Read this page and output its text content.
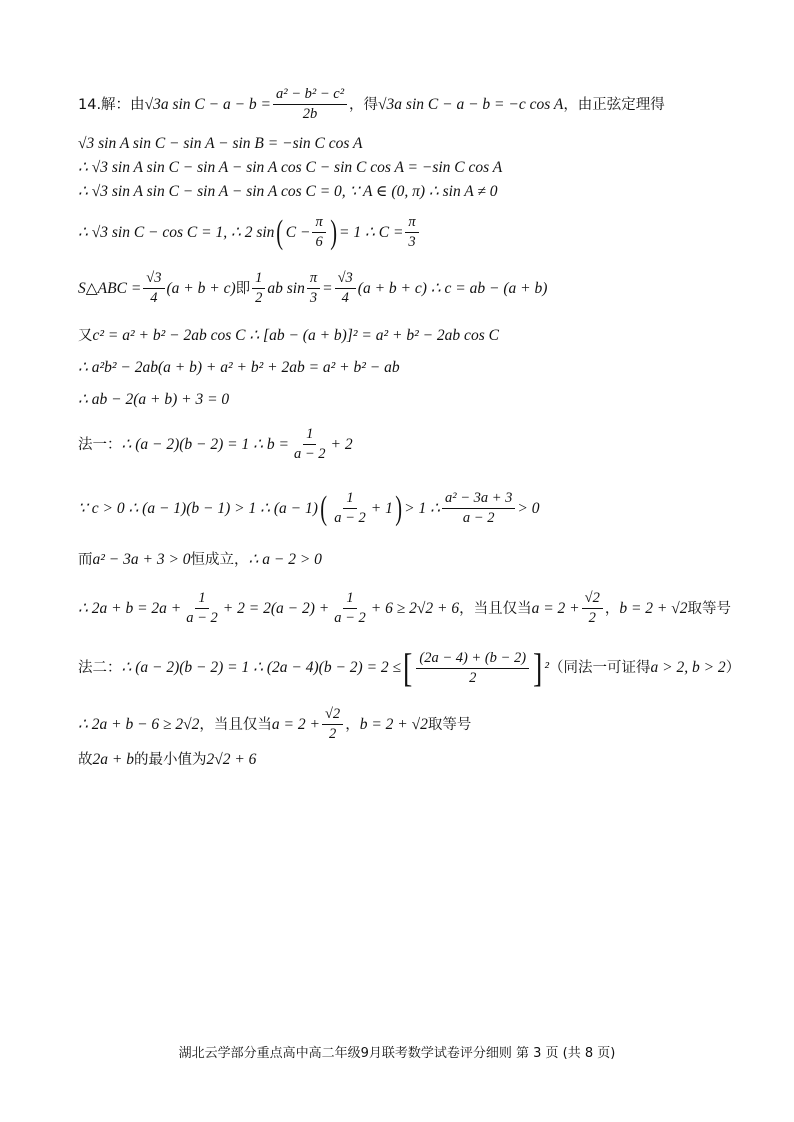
14.解：由 √3a $\sin C - a - b = \frac{\text{a² − b² − c²}}{2b}$ ，得 √3a sin C − a − b = −c cos A ，由正弦定理得
√3 sin A sin C − sin A − sin B = −sin C cos A
∴ √3 sin A sin C − sin A − sin A cos C − sin C cos A = −sin C cos A
∴ √3 sin A sin C − sin A − sin A cos C = 0, ∵ A ∈ (0, π) ∴ sin A ≠ 0
∴ √3 sin C − cos C = 1, ∴ 2 sin ( $C - \frac{\pi}{6}$ ) = 1 ∴ $C = \frac{\pi}{3}$
S△ABC = $\frac{√3}{4} (a + b + c)$ 即 $\frac{1}{2}$ ab $\sin \frac{\pi}{3} = \frac{√3}{4} (a + b + c)$ ∴ c = ab − (a + b)
又 c² = a² + b² − 2ab cos C ∴ [ab − (a + b)]² = a² + b² − 2ab cos C
∴ a²b² − 2ab(a + b) + a² + b² + 2ab = a² + b² − ab
∴ ab − 2(a + b) + 3 = 0
法一： ∴ (a − 2)(b − 2) = 1 ∴ $b = \frac{1}{a - 2} + 2$
∵ c > 0 ∴ (a − 1)(b − 1) > 1 ∴ (a − 1) ( $\frac{1}{a - 2} + 1$ ) > 1 ∴ $\frac{\text{a² − 3a + 3}}{a - 2} > 0$
而 a² − 3a + 3 > 0 恒成立， ∴ a − 2 > 0
∴ $2a + b = 2a + \frac{1}{a - 2} + 2 = 2(a - 2) + \frac{1}{a - 2} + 6 \ge 2√2 + 6$ ，当且仅当 $a = 2 + \frac{√2}{2}$ ， b = 2 + √2 取等号
法二： ∴ (a − 2)(b − 2) = 1 ∴ (2a − 4)(b − 2) = 2 ≤ [ $\frac{(2a - 4) + (b - 2)}{2}$ ] ² （同法一可证得 a > 2, b > 2 ）
∴ 2a + b − 6 ≥ 2√2 ，当且仅当 $a = 2 + \frac{√2}{2}$ ， b = 2 + √2 取等号
故 2a + b 的最小值为 2√2 + 6
湖北云学部分重点高中高二年级9月联考数学试卷评分细则 第 3 页 (共 8 页)
